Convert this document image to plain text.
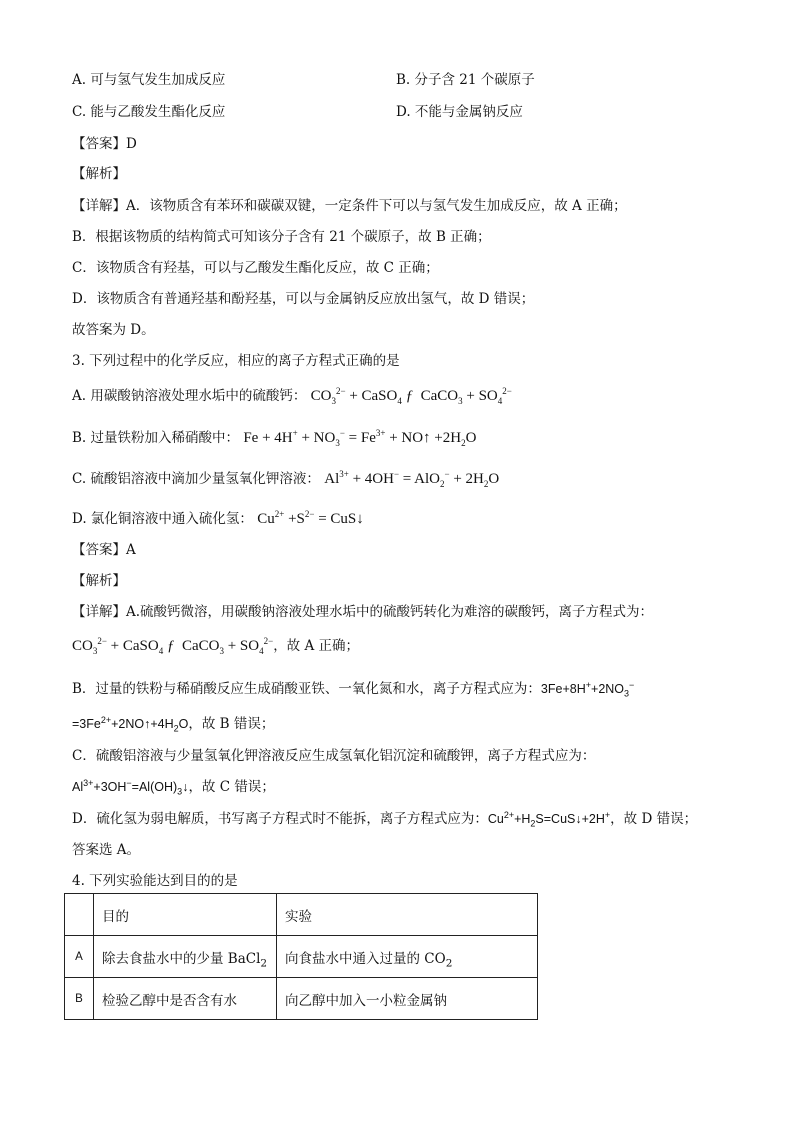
A. 可与氢气发生加成反应	B. 分子含 21 个碳原子
C. 能与乙酸发生酯化反应	D. 不能与金属钠反应
【答案】D
【解析】
【详解】A．该物质含有苯环和碳碳双键，一定条件下可以与氢气发生加成反应，故 A 正确；
B．根据该物质的结构简式可知该分子含有 21 个碳原子，故 B 正确；
C．该物质含有羟基，可以与乙酸发生酯化反应，故 C 正确；
D．该物质含有普通羟基和酚羟基，可以与金属钠反应放出氢气，故 D 错误；
故答案为 D。
3. 下列过程中的化学反应，相应的离子方程式正确的是
A. 用碳酸钠溶液处理水垢中的硫酸钙： $CO_3^{2-}$ + CaSO$_4$ ƒ  CaCO$_3$ + $SO_4^{2-}$
B. 过量铁粉加入稀硝酸中： $Fe + 4H^+ + NO_3^- = Fe^{3+}$ + NO↑ $+2H_2O$
C. 硫酸铝溶液中滴加少量氢氧化钾溶液： $Al^{3+} + 4OH^- = AlO_2^- + 2H_2O$
D. 氯化铜溶液中通入硫化氢： $Cu^{2+} +S^{2-}$ = CuS↓
【答案】A
【解析】
【详解】A.硫酸钙微溶，用碳酸钠溶液处理水垢中的硫酸钙转化为难溶的碳酸钙，离子方程式为：
$CO_3^{2-}$ + CaSO$_4$ ƒ  CaCO$_3$ + $SO_4^{2-}$，故 A 正确；
B．过量的铁粉与稀硝酸反应生成硝酸亚铁、一氧化氮和水，离子方程式应为：$3Fe+8H^++2NO_3^-$
$=3Fe^{2+}+2NO↑+4H_2O$，故 B 错误；
C．硫酸铝溶液与少量氢氧化钾溶液反应生成氢氧化铝沉淀和硫酸钾，离子方程式应为：
$Al^{3+}+3OH^-=Al(OH)_3↓$，故 C 错误；
D．硫化氢为弱电解质，书写离子方程式时不能拆，离子方程式应为：$Cu^{2+}+H_2S=CuS↓+2H^+$，故 D 错误；
答案选 A。
4. 下列实验能达到目的的是
	目的	实验
A	除去食盐水中的少量 BaCl$_2$	向食盐水中通入过量的 $CO_2$
B	检验乙醇中是否含有水	向乙醇中加入一小粒金属钠
